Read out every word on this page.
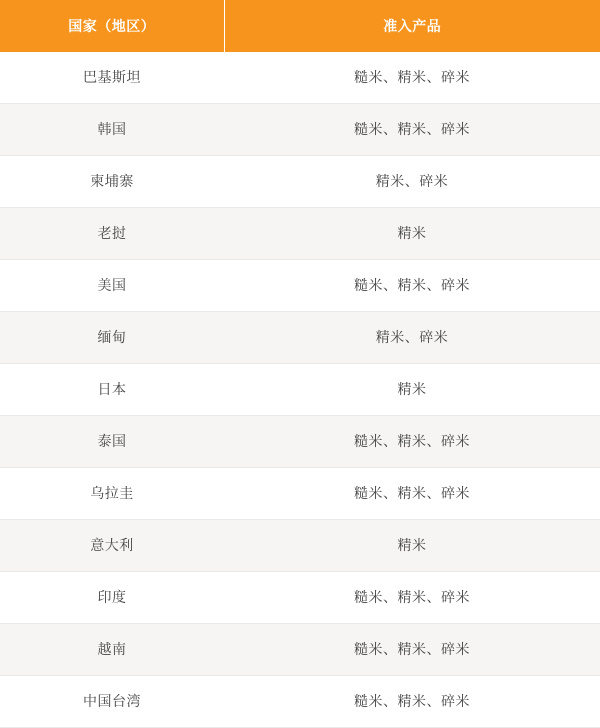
国家（地区）	准入产品
巴基斯坦	糙米、精米、碎米
韩国	糙米、精米、碎米
柬埔寨	精米、碎米
老挝	精米
美国	糙米、精米、碎米
缅甸	精米、碎米
日本	精米
泰国	糙米、精米、碎米
乌拉圭	糙米、精米、碎米
意大利	精米
印度	糙米、精米、碎米
越南	糙米、精米、碎米
中国台湾	糙米、精米、碎米
